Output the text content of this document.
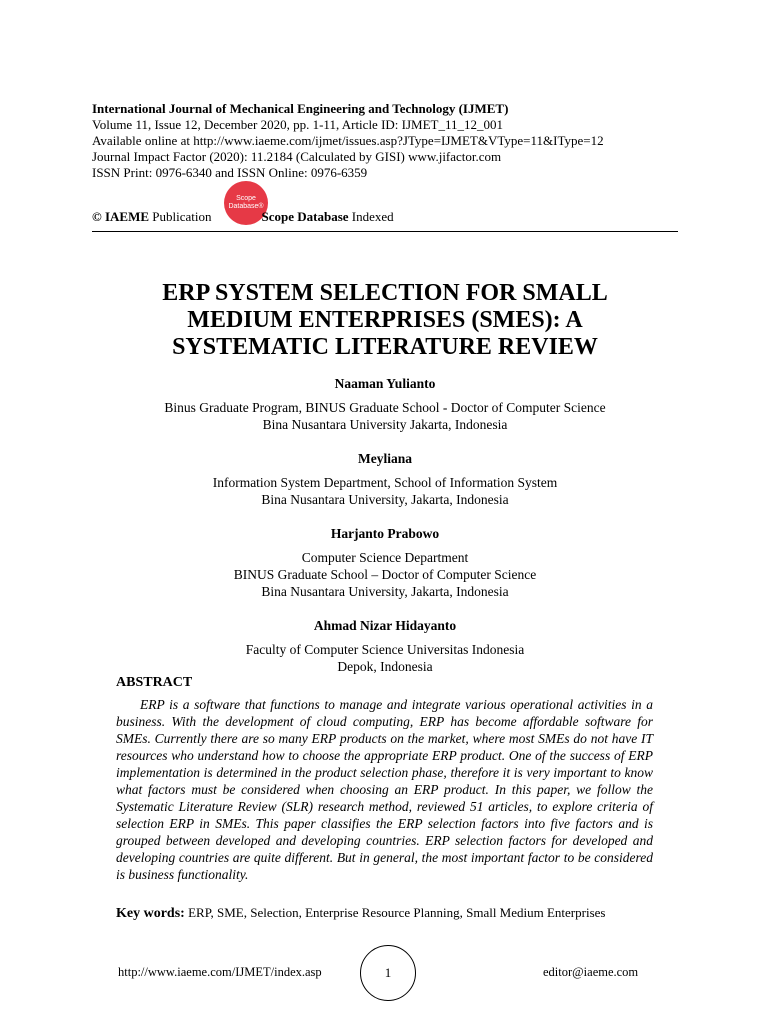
International Journal of Mechanical Engineering and Technology (IJMET)
Volume 11, Issue 12, December 2020, pp. 1-11, Article ID: IJMET_11_12_001
Available online at http://www.iaeme.com/ijmet/issues.asp?JType=IJMET&VType=11&IType=12
Journal Impact Factor (2020): 11.2184 (Calculated by GISI) www.jifactor.com
ISSN Print: 0976-6340 and ISSN Online: 0976-6359
Scope
Database®
© IAEME Publication	Scope Database Indexed
ERP SYSTEM SELECTION FOR SMALL
MEDIUM ENTERPRISES (SMES): A
SYSTEMATIC LITERATURE REVIEW
Naaman Yulianto
Binus Graduate Program, BINUS Graduate School - Doctor of Computer Science
Bina Nusantara University Jakarta, Indonesia
Meyliana
Information System Department, School of Information System
Bina Nusantara University, Jakarta, Indonesia
Harjanto Prabowo
Computer Science Department
BINUS Graduate School – Doctor of Computer Science
Bina Nusantara University, Jakarta, Indonesia
Ahmad Nizar Hidayanto
Faculty of Computer Science Universitas Indonesia
Depok, Indonesia
ABSTRACT
ERP is a software that functions to manage and integrate various operational activities in a business. With the development of cloud computing, ERP has become affordable software for SMEs. Currently there are so many ERP products on the market, where most SMEs do not have IT resources who understand how to choose the appropriate ERP product. One of the success of ERP implementation is determined in the product selection phase, therefore it is very important to know what factors must be considered when choosing an ERP product. In this paper, we follow the Systematic Literature Review (SLR) research method, reviewed 51 articles, to explore criteria of selection ERP in SMEs. This paper classifies the ERP selection factors into five factors and is grouped between developed and developing countries. ERP selection factors for developed and developing countries are quite different. But in general, the most important factor to be considered is business functionality.
Key words: ERP, SME, Selection, Enterprise Resource Planning, Small Medium Enterprises
http://www.iaeme.com/IJMET/index.asp	1	editor@iaeme.com
